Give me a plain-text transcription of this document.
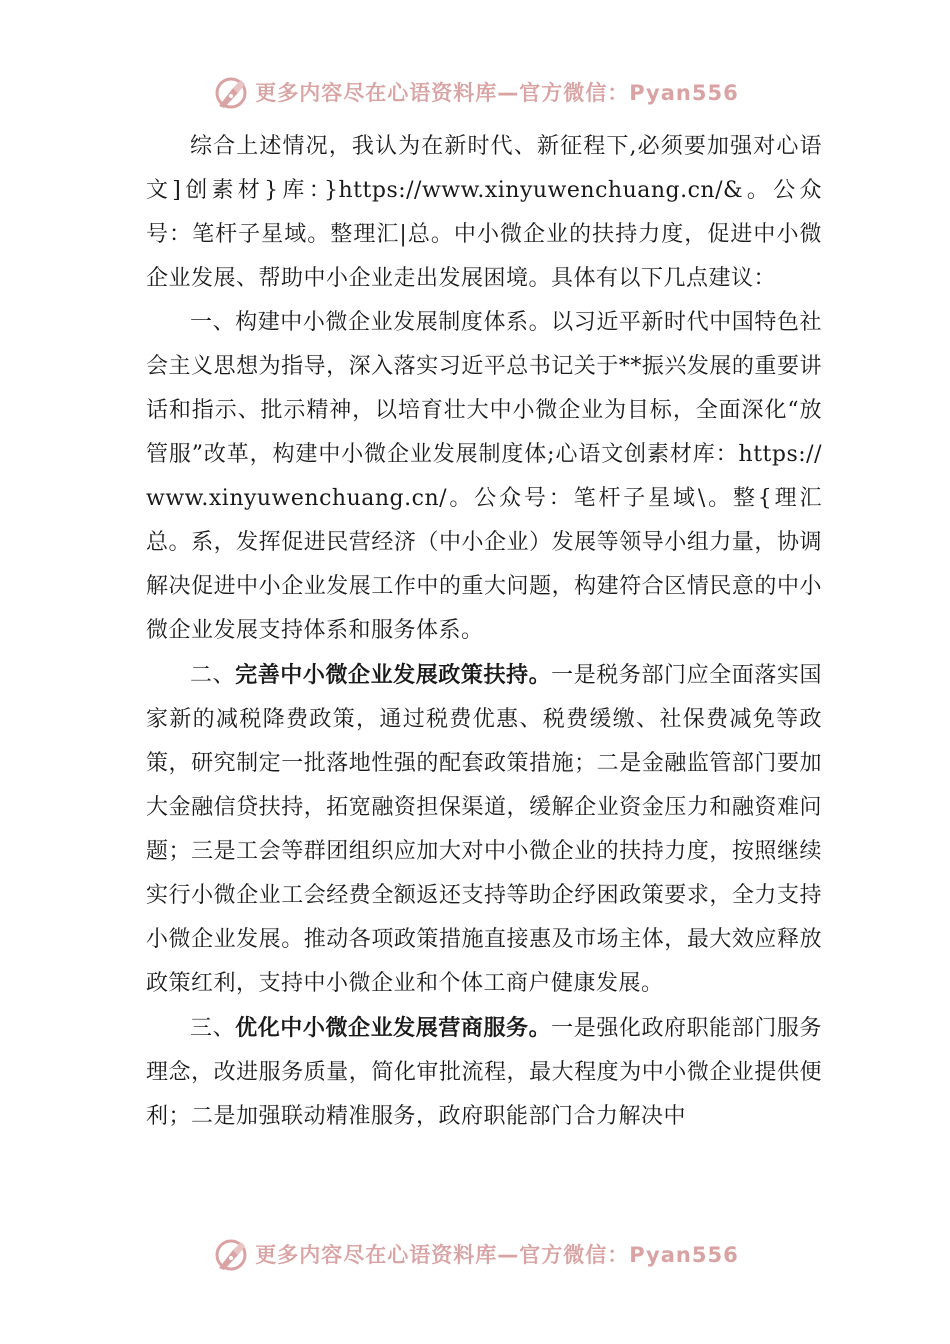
更多内容尽在心语资料库—官方微信：Pyan556

综合上述情况，我认为在新时代、新征程下,必须要加强对心语文]创素材}库：}https://www.xinyuwenchuang.cn/&。公众号：笔杆子星域。整理汇|总。中小微企业的扶持力度，促进中小微企业发展、帮助中小企业走出发展困境。具体有以下几点建议：

一、构建中小微企业发展制度体系。以习近平新时代中国特色社会主义思想为指导，深入落实习近平总书记关于**振兴发展的重要讲话和指示、批示精神，以培育壮大中小微企业为目标，全面深化“放管服”改革，构建中小微企业发展制度体;心语文创素材库：https://www.xinyuwenchuang.cn/。公众号：笔杆子星域\。整{理汇总。系，发挥促进民营经济（中小企业）发展等领导小组力量，协调解决促进中小企业发展工作中的重大问题，构建符合区情民意的中小微企业发展支持体系和服务体系。

二、完善中小微企业发展政策扶持。一是税务部门应全面落实国家新的减税降费政策，通过税费优惠、税费缓缴、社保费减免等政策，研究制定一批落地性强的配套政策措施；二是金融监管部门要加大金融信贷扶持，拓宽融资担保渠道，缓解企业资金压力和融资难问题；三是工会等群团组织应加大对中小微企业的扶持力度，按照继续实行小微企业工会经费全额返还支持等助企纾困政策要求，全力支持小微企业发展。推动各项政策措施直接惠及市场主体，最大效应释放政策红利，支持中小微企业和个体工商户健康发展。

三、优化中小微企业发展营商服务。一是强化政府职能部门服务理念，改进服务质量，简化审批流程，最大程度为中小微企业提供便利；二是加强联动精准服务，政府职能部门合力解决中

更多内容尽在心语资料库—官方微信：Pyan556
